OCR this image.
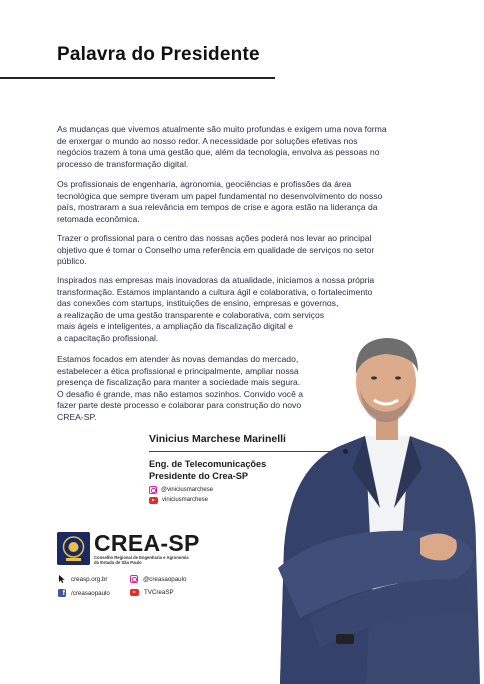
Palavra do Presidente
As mudanças que vivemos atualmente são muito profundas e exigem uma nova forma
de enxergar o mundo ao nosso redor. A necessidade por soluções efetivas nos
negócios trazem à tona uma gestão que, além da tecnologia, envolva as pessoas no
processo de transformação digital.
Os profissionais de engenharia, agronomia, geociências e profissões da área
tecnológica que sempre tiveram um papel fundamental no desenvolvimento do nosso
país, mostraram a sua relevância em tempos de crise e agora estão na liderança da
retomada econômica.
Trazer o profissional para o centro das nossas ações poderá nos levar ao principal
objetivo que é tornar o Conselho uma referência em qualidade de serviços no setor
público.
Inspirados nas empresas mais inovadoras da atualidade, iniciamos a nossa própria
transformação. Estamos implantando a cultura ágil e colaborativa, o fortalecimento
das conexões com startups, instituições de ensino, empresas e governos,
a realização de uma gestão transparente e colaborativa, com serviços
mais ágeis e inteligentes, a ampliação da fiscalização digital e
a capacitação profissional.
Estamos focados em atender às novas demandas do mercado,
estabelecer a ética profissional e principalmente, ampliar nossa
presença de fiscalização para manter a sociedade mais segura.
O desafio é grande, mas não estamos sozinhos. Convido você a
fazer parte deste processo e colaborar para construção do novo
CREA-SP.
Vinicius Marchese Marinelli
Eng. de Telecomunicações
Presidente do Crea-SP
@viniciusmarchese
viniciusmarchese
CREA-SP
Conselho Regional de Engenharia e Agronomia
do Estado de São Paulo
creasp.org.br	@creasaopaulo
f /creasaopaulo	TVCreaSP
